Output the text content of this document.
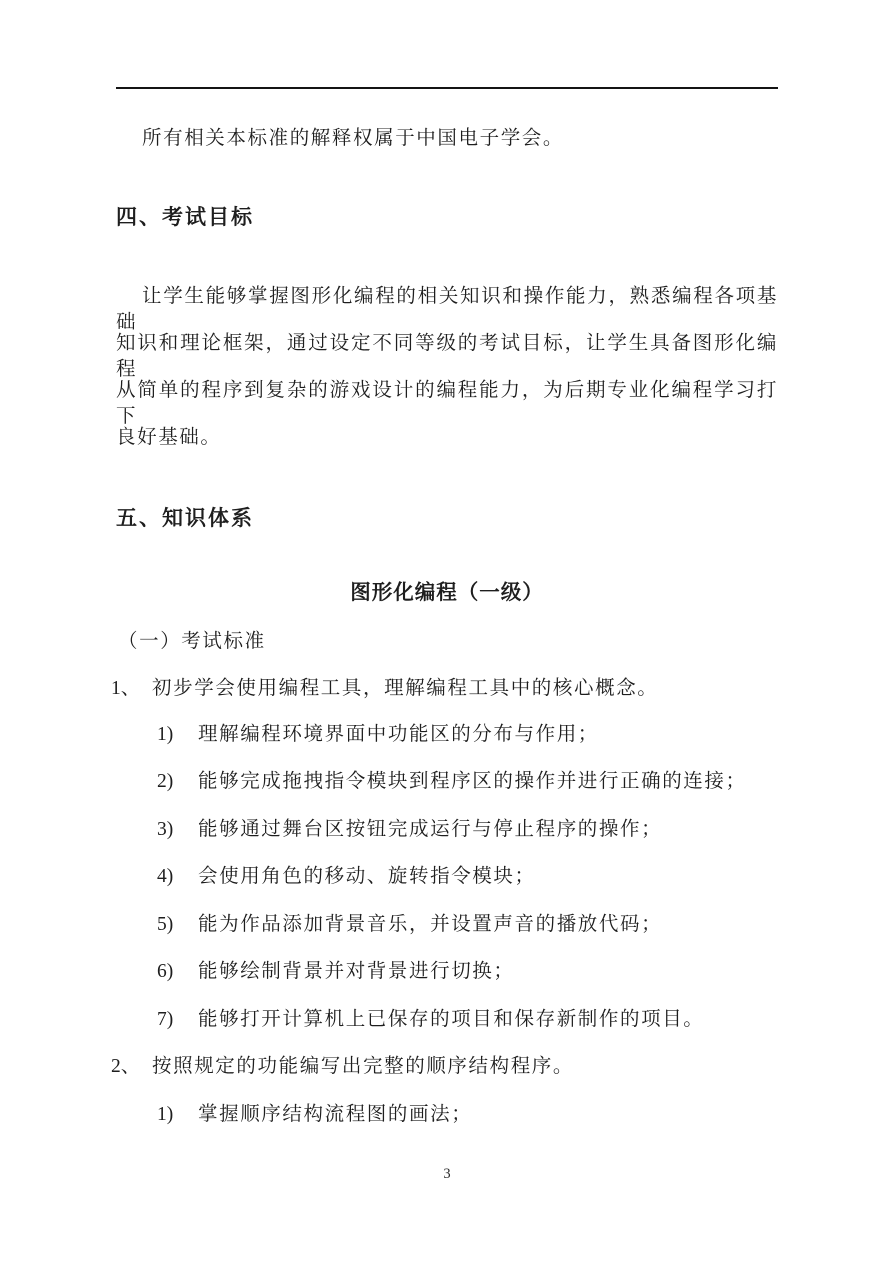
所有相关本标准的解释权属于中国电子学会。
四、考试目标
让学生能够掌握图形化编程的相关知识和操作能力，熟悉编程各项基础
知识和理论框架，通过设定不同等级的考试目标，让学生具备图形化编程
从简单的程序到复杂的游戏设计的编程能力，为后期专业化编程学习打下
良好基础。
五、知识体系
图形化编程（一级）
（一）考试标准
1、 初步学会使用编程工具，理解编程工具中的核心概念。
1)	理解编程环境界面中功能区的分布与作用；
2)	能够完成拖拽指令模块到程序区的操作并进行正确的连接；
3)	能够通过舞台区按钮完成运行与停止程序的操作；
4)	会使用角色的移动、旋转指令模块；
5)	能为作品添加背景音乐，并设置声音的播放代码；
6)	能够绘制背景并对背景进行切换；
7)	能够打开计算机上已保存的项目和保存新制作的项目。
2、 按照规定的功能编写出完整的顺序结构程序。
1)	掌握顺序结构流程图的画法；
3
